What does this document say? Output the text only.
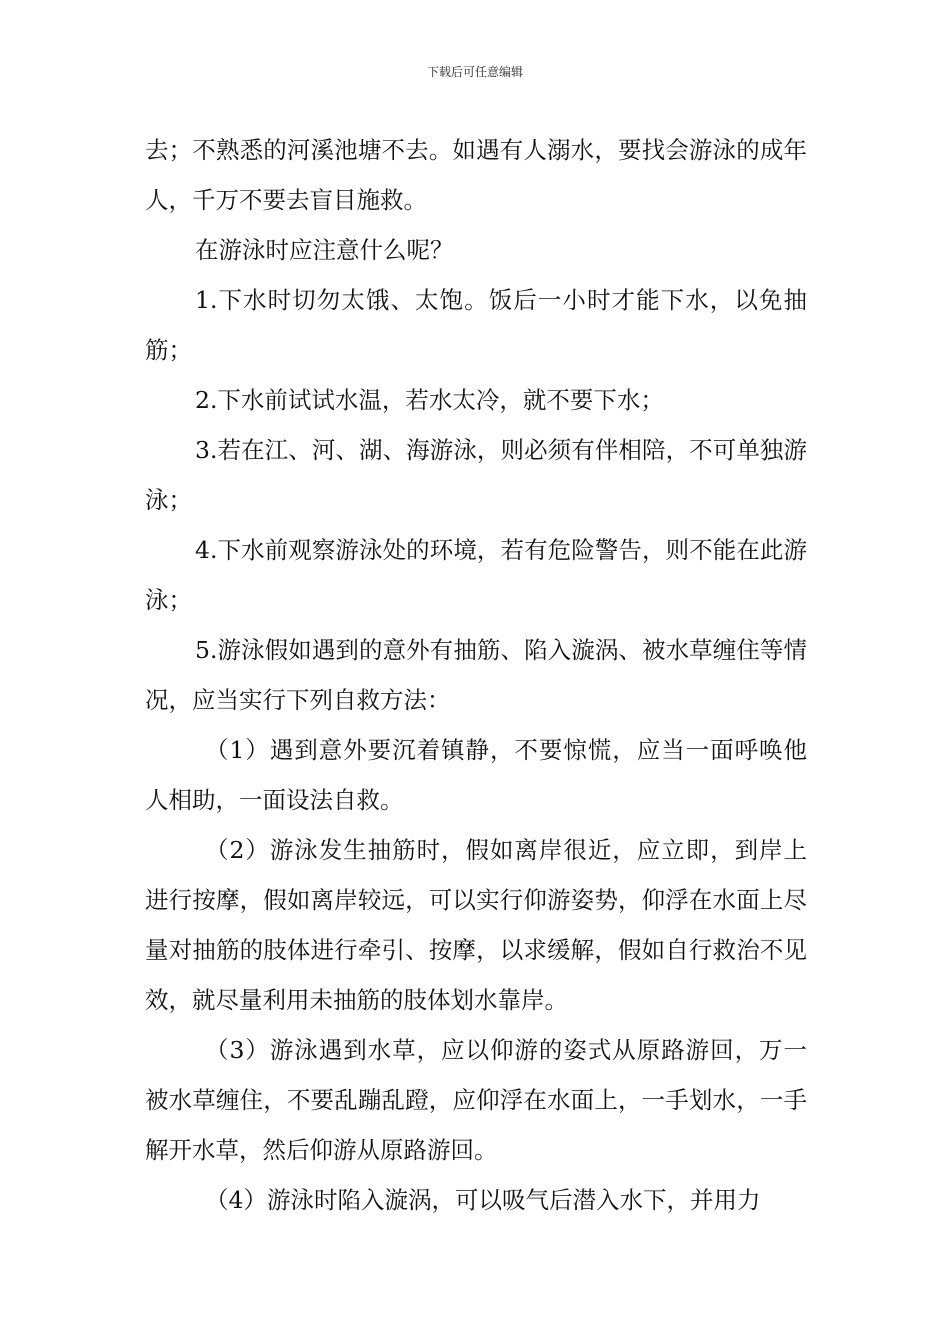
下载后可任意编辑

去；不熟悉的河溪池塘不去。如遇有人溺水，要找会游泳的成年人，千万不要去盲目施救。

在游泳时应注意什么呢？

1.下水时切勿太饿、太饱。饭后一小时才能下水，以免抽筋；

2.下水前试试水温，若水太冷，就不要下水；

3.若在江、河、湖、海游泳，则必须有伴相陪，不可单独游泳；

4.下水前观察游泳处的环境，若有危险警告，则不能在此游泳；

5.游泳假如遇到的意外有抽筋、陷入漩涡、被水草缠住等情况，应当实行下列自救方法：

（1）遇到意外要沉着镇静，不要惊慌，应当一面呼唤他人相助，一面设法自救。

（2）游泳发生抽筋时，假如离岸很近，应立即，到岸上进行按摩，假如离岸较远，可以实行仰游姿势，仰浮在水面上尽量对抽筋的肢体进行牵引、按摩，以求缓解，假如自行救治不见效，就尽量利用未抽筋的肢体划水靠岸。

（3）游泳遇到水草，应以仰游的姿式从原路游回，万一被水草缠住，不要乱蹦乱蹬，应仰浮在水面上，一手划水，一手解开水草，然后仰游从原路游回。

（4）游泳时陷入漩涡，可以吸气后潜入水下，并用力
